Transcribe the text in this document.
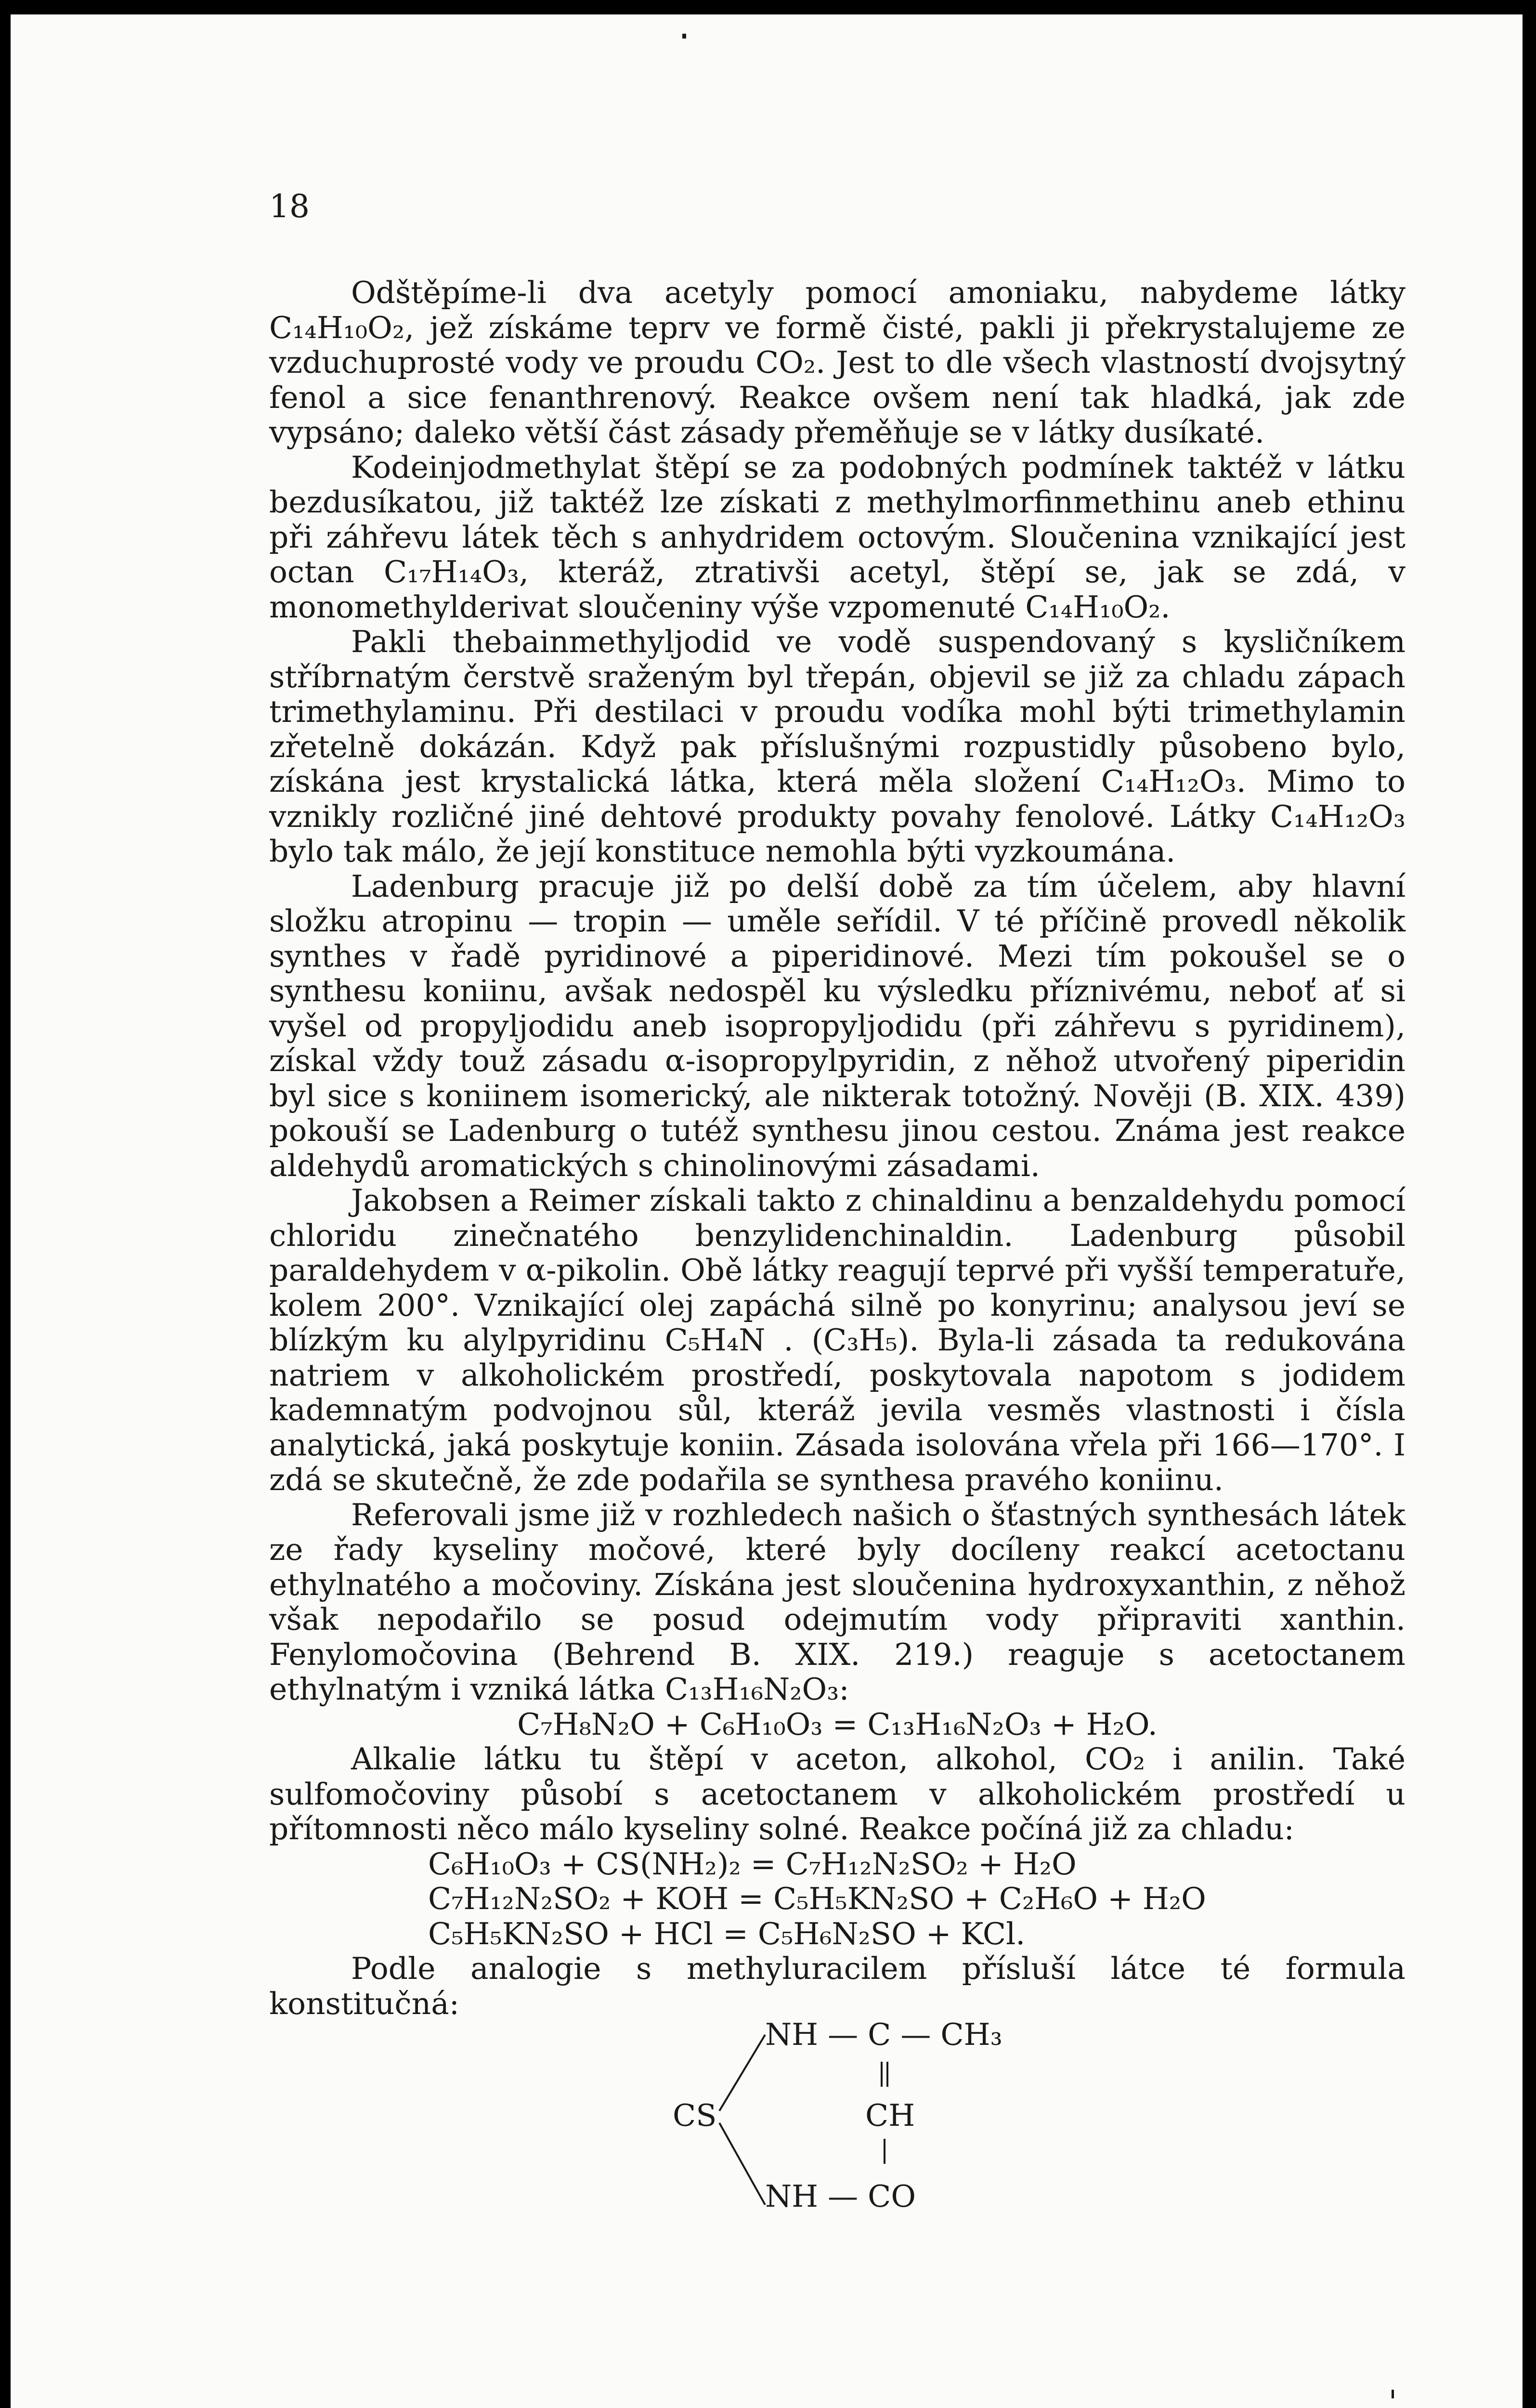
18

Odštěpíme-li dva acetyly pomocí amoniaku, nabydeme látky C₁₄H₁₀O₂, jež získáme teprv ve formě čisté, pakli ji překrystalujeme ze vzduchuprosté vody ve proudu CO₂. Jest to dle všech vlastností dvojsytný fenol a sice fenanthrenový. Reakce ovšem není tak hladká, jak zde vypsáno; daleko větší část zásady přeměňuje se v látky dusíkaté.

Kodeinjodmethylat štěpí se za podobných podmínek taktéž v látku bezdusíkatou, již taktéž lze získati z methylmorfinmethinu aneb ethinu při záhřevu látek těch s anhydridem octovým. Sloučenina vznikající jest octan C₁₇H₁₄O₃, kteráž, ztrativši acetyl, štěpí se, jak se zdá, v monomethylderivat sloučeniny výše vzpomenuté C₁₄H₁₀O₂.

Pakli thebainmethyljodid ve vodě suspendovaný s kysličníkem stříbrnatým čerstvě sraženým byl třepán, objevil se již za chladu zápach trimethylaminu. Při destilaci v proudu vodíka mohl býti trimethylamin zřetelně dokázán. Když pak příslušnými rozpustidly působeno bylo, získána jest krystalická látka, která měla složení C₁₄H₁₂O₃. Mimo to vznikly rozličné jiné dehtové produkty povahy fenolové. Látky C₁₄H₁₂O₃ bylo tak málo, že její konstituce nemohla býti vyzkoumána.

Ladenburg pracuje již po delší době za tím účelem, aby hlavní složku atropinu — tropin — uměle seřídil. V té příčině provedl několik synthes v řadě pyridinové a piperidinové. Mezi tím pokoušel se o synthesu koniinu, avšak nedospěl ku výsledku příznivému, neboť ať si vyšel od propyljodidu aneb isopropyljodidu (při záhřevu s pyridinem), získal vždy touž zásadu α-isopropylpyridin, z něhož utvořený piperidin byl sice s koniinem isomerický, ale nikterak totožný. Nověji (B. XIX. 439) pokouší se Ladenburg o tutéž synthesu jinou cestou. Známa jest reakce aldehydů aromatických s chinolinovými zásadami.

Jakobsen a Reimer získali takto z chinaldinu a benzaldehydu pomocí chloridu zinečnatého benzylidenchinaldin. Ladenburg působil paraldehydem v α-pikolin. Obě látky reagují teprvé při vyšší temperatuře, kolem 200°. Vznikající olej zapáchá silně po konyrinu; analysou jeví se blízkým ku alylpyridinu C₅H₄N . (C₃H₅). Byla-li zásada ta redukována natriem v alkoholickém prostředí, poskytovala napotom s jodidem kademnatým podvojnou sůl, kteráž jevila vesměs vlastnosti i čísla analytická, jaká poskytuje koniin. Zásada isolována vřela při 166—170°. I zdá se skutečně, že zde podařila se synthesa pravého koniinu.

Referovali jsme již v rozhledech našich o šťastných synthesách látek ze řady kyseliny močové, které byly docíleny reakcí acetoctanu ethylnatého a močoviny. Získána jest sloučenina hydroxyxanthin, z něhož však nepodařilo se posud odejmutím vody připraviti xanthin. Fenylomočovina (Behrend B. XIX. 219.) reaguje s acetoctanem ethylnatým i vzniká látka C₁₃H₁₆N₂O₃:

C₇H₈N₂O + C₆H₁₀O₃ = C₁₃H₁₆N₂O₃ + H₂O.

Alkalie látku tu štěpí v aceton, alkohol, CO₂ i anilin. Také sulfomočoviny působí s acetoctanem v alkoholickém prostředí u přítomnosti něco málo kyseliny solné. Reakce počíná již za chladu:

C₆H₁₀O₃ + CS(NH₂)₂ = C₇H₁₂N₂SO₂ + H₂O

C₇H₁₂N₂SO₂ + KOH = C₅H₅KN₂SO + C₂H₆O + H₂O

C₅H₅KN₂SO + HCl = C₅H₆N₂SO + KCl.

Podle analogie s methyluracilem přísluší látce té formula konstitučná:

NH — C — CH₃
CS	CH
NH — CO
